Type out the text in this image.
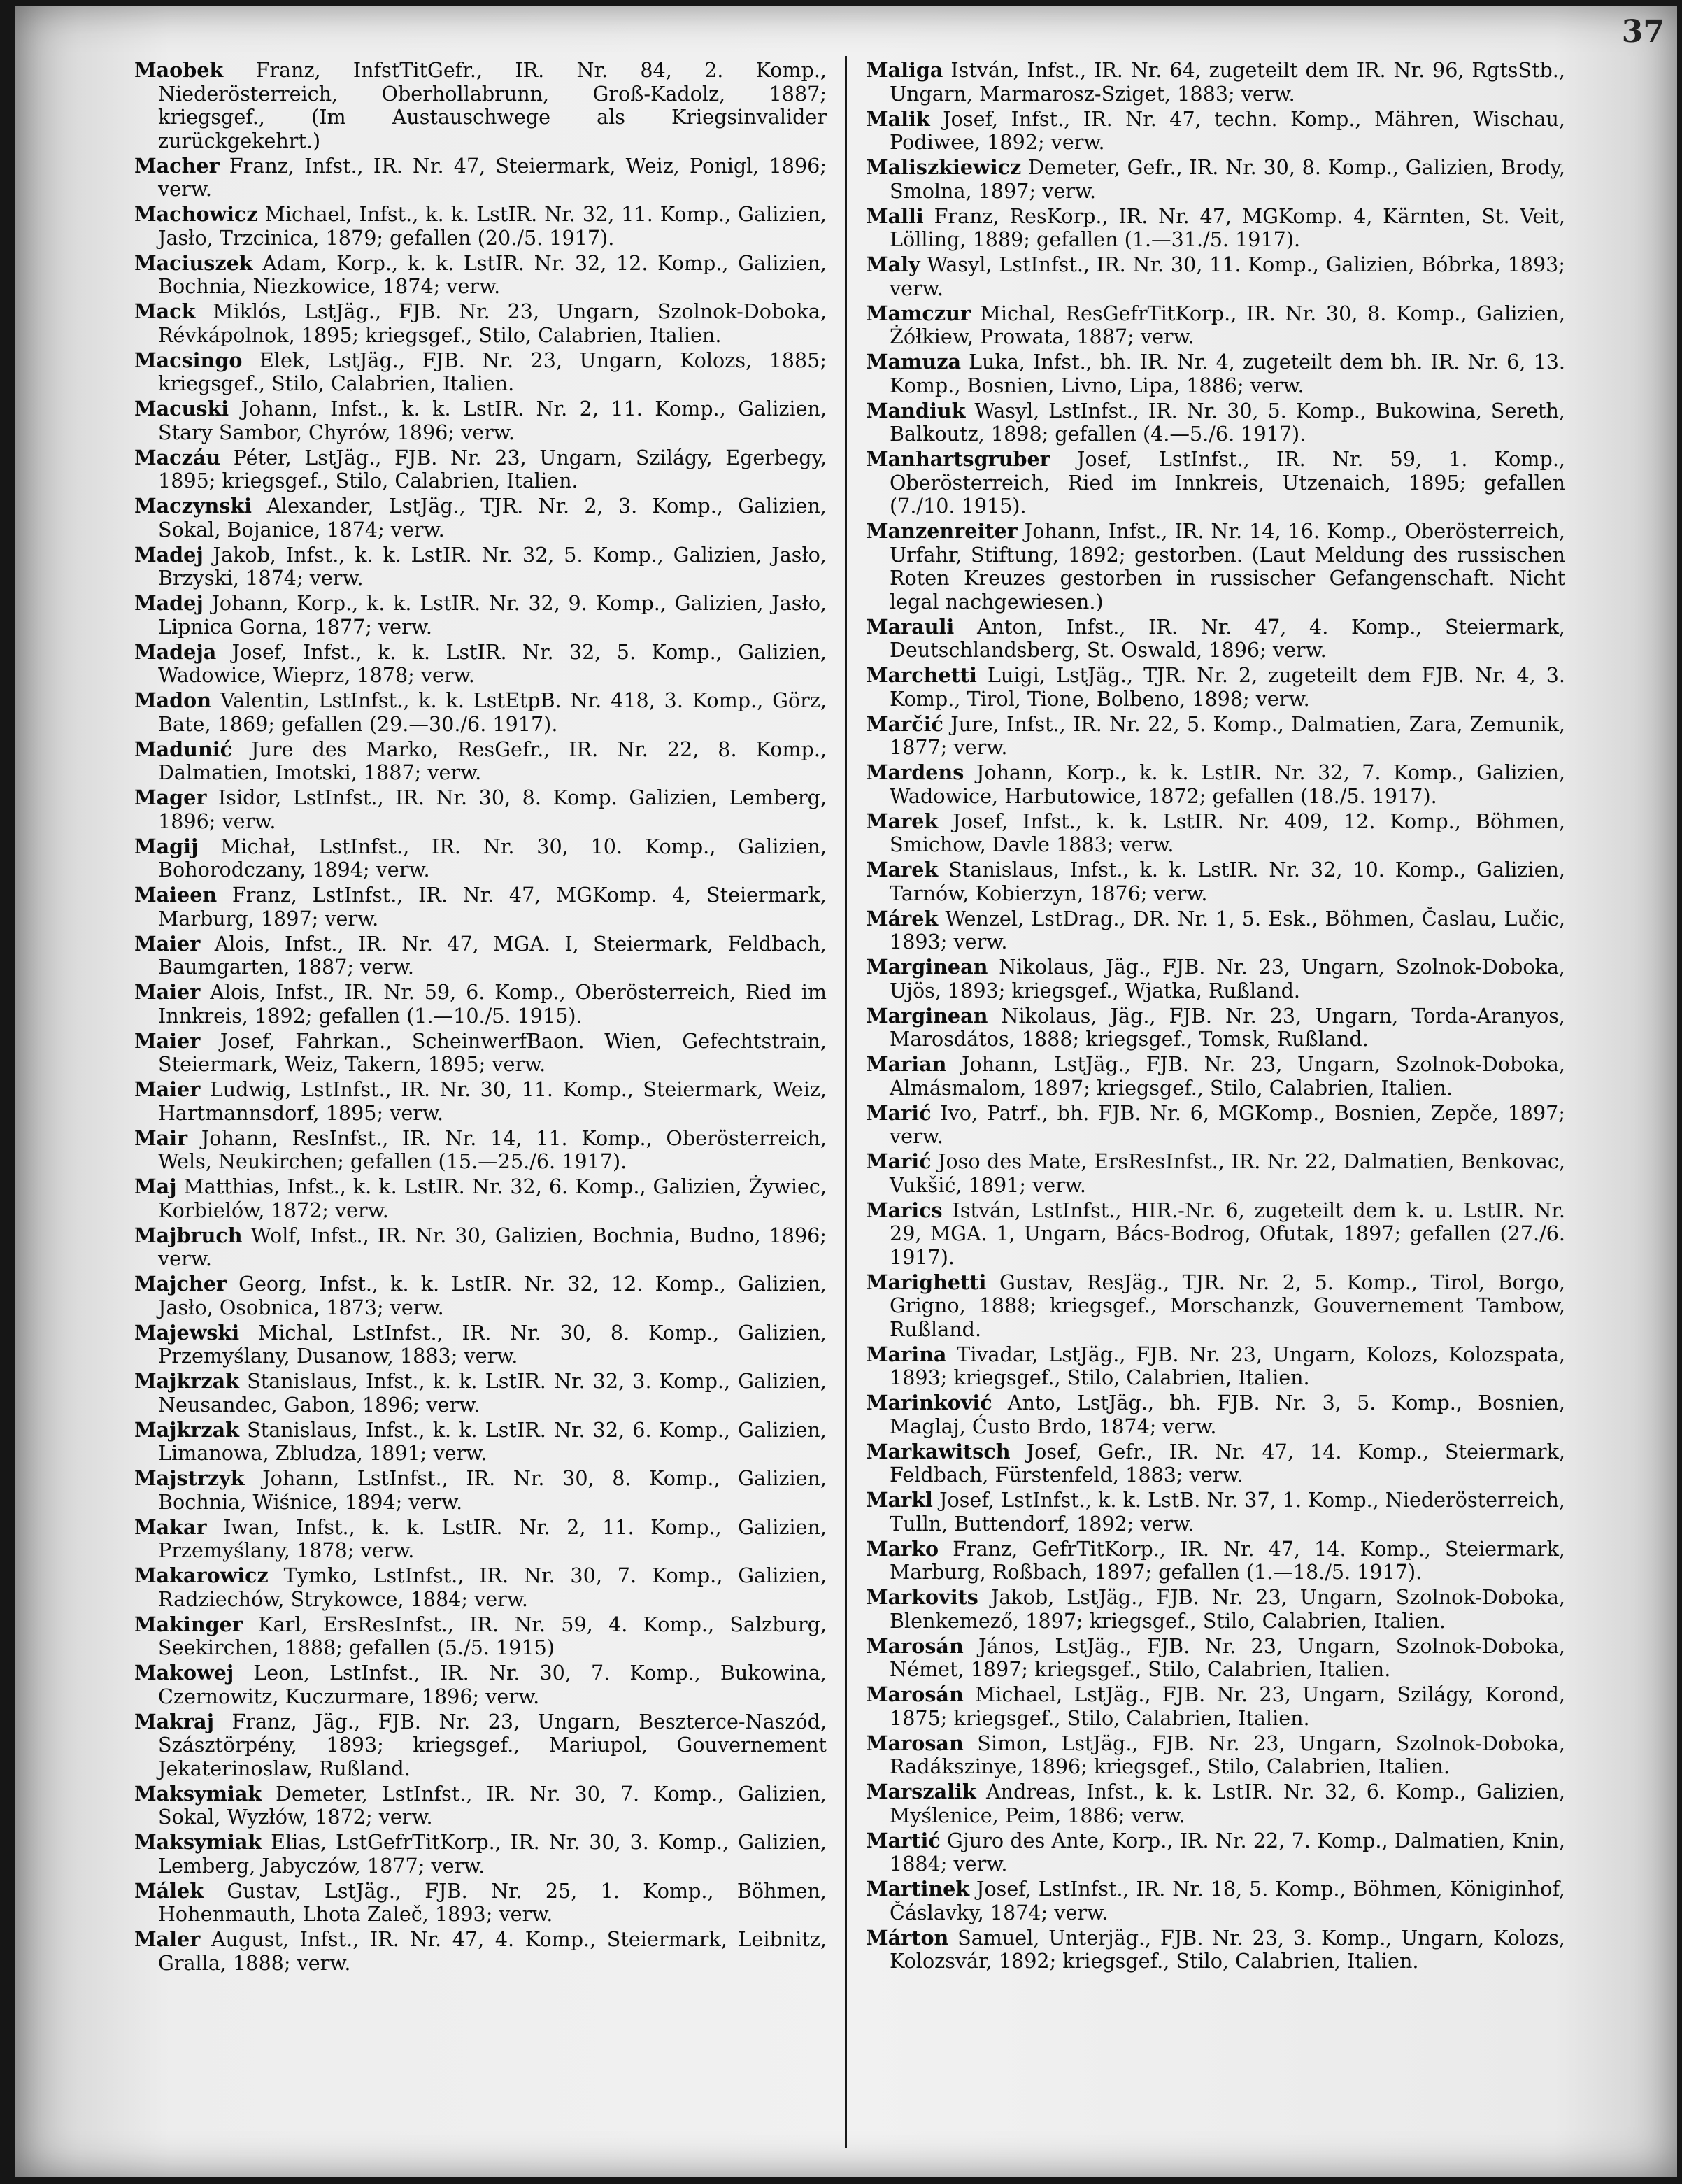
37

Maobek Franz, InfstTitGefr., IR. Nr. 84, 2. Komp., Niederösterreich, Oberhollabrunn, Groß-Kadolz, 1887; kriegsgef., (Im Austauschwege als Kriegsinvalider zurückgekehrt.)

Macher Franz, Infst., IR. Nr. 47, Steiermark, Weiz, Ponigl, 1896; verw.

Machowicz Michael, Infst., k. k. LstIR. Nr. 32, 11. Komp., Galizien, Jasło, Trzcinica, 1879; gefallen (20./5. 1917).

Maciuszek Adam, Korp., k. k. LstIR. Nr. 32, 12. Komp., Galizien, Bochnia, Niezkowice, 1874; verw.

Mack Miklós, LstJäg., FJB. Nr. 23, Ungarn, Szolnok-Doboka, Révkápolnok, 1895; kriegsgef., Stilo, Calabrien, Italien.

Macsingo Elek, LstJäg., FJB. Nr. 23, Ungarn, Kolozs, 1885; kriegsgef., Stilo, Calabrien, Italien.

Macuski Johann, Infst., k. k. LstIR. Nr. 2, 11. Komp., Galizien, Stary Sambor, Chyrów, 1896; verw.

Maczáu Péter, LstJäg., FJB. Nr. 23, Ungarn, Szilágy, Egerbegy, 1895; kriegsgef., Stilo, Calabrien, Italien.

Maczynski Alexander, LstJäg., TJR. Nr. 2, 3. Komp., Galizien, Sokal, Bojanice, 1874; verw.

Madej Jakob, Infst., k. k. LstIR. Nr. 32, 5. Komp., Galizien, Jasło, Brzyski, 1874; verw.

Madej Johann, Korp., k. k. LstIR. Nr. 32, 9. Komp., Galizien, Jasło, Lipnica Gorna, 1877; verw.

Madeja Josef, Infst., k. k. LstIR. Nr. 32, 5. Komp., Galizien, Wadowice, Wieprz, 1878; verw.

Madon Valentin, LstInfst., k. k. LstEtpB. Nr. 418, 3. Komp., Görz, Bate, 1869; gefallen (29.—30./6. 1917).

Madunić Jure des Marko, ResGefr., IR. Nr. 22, 8. Komp., Dalmatien, Imotski, 1887; verw.

Mager Isidor, LstInfst., IR. Nr. 30, 8. Komp. Galizien, Lemberg, 1896; verw.

Magij Michał, LstInfst., IR. Nr. 30, 10. Komp., Galizien, Bohorodczany, 1894; verw.

Maieen Franz, LstInfst., IR. Nr. 47, MGKomp. 4, Steiermark, Marburg, 1897; verw.

Maier Alois, Infst., IR. Nr. 47, MGA. I, Steiermark, Feldbach, Baumgarten, 1887; verw.

Maier Alois, Infst., IR. Nr. 59, 6. Komp., Oberösterreich, Ried im Innkreis, 1892; gefallen (1.—10./5. 1915).

Maier Josef, Fahrkan., ScheinwerfBaon. Wien, Gefechtstrain, Steiermark, Weiz, Takern, 1895; verw.

Maier Ludwig, LstInfst., IR. Nr. 30, 11. Komp., Steiermark, Weiz, Hartmannsdorf, 1895; verw.

Mair Johann, ResInfst., IR. Nr. 14, 11. Komp., Oberösterreich, Wels, Neukirchen; gefallen (15.—25./6. 1917).

Maj Matthias, Infst., k. k. LstIR. Nr. 32, 6. Komp., Galizien, Żywiec, Korbielów, 1872; verw.

Majbruch Wolf, Infst., IR. Nr. 30, Galizien, Bochnia, Budno, 1896; verw.

Majcher Georg, Infst., k. k. LstIR. Nr. 32, 12. Komp., Galizien, Jasło, Osobnica, 1873; verw.

Majewski Michal, LstInfst., IR. Nr. 30, 8. Komp., Galizien, Przemyślany, Dusanow, 1883; verw.

Majkrzak Stanislaus, Infst., k. k. LstIR. Nr. 32, 3. Komp., Galizien, Neusandec, Gabon, 1896; verw.

Majkrzak Stanislaus, Infst., k. k. LstIR. Nr. 32, 6. Komp., Galizien, Limanowa, Zbludza, 1891; verw.

Majstrzyk Johann, LstInfst., IR. Nr. 30, 8. Komp., Galizien, Bochnia, Wiśnice, 1894; verw.

Makar Iwan, Infst., k. k. LstIR. Nr. 2, 11. Komp., Galizien, Przemyślany, 1878; verw.

Makarowicz Tymko, LstInfst., IR. Nr. 30, 7. Komp., Galizien, Radziechów, Strykowce, 1884; verw.

Makinger Karl, ErsResInfst., IR. Nr. 59, 4. Komp., Salzburg, Seekirchen, 1888; gefallen (5./5. 1915)

Makowej Leon, LstInfst., IR. Nr. 30, 7. Komp., Bukowina, Czernowitz, Kuczurmare, 1896; verw.

Makraj Franz, Jäg., FJB. Nr. 23, Ungarn, Beszterce-Naszód, Szásztörpény, 1893; kriegsgef., Mariupol, Gouvernement Jekaterinoslaw, Rußland.

Maksymiak Demeter, LstInfst., IR. Nr. 30, 7. Komp., Galizien, Sokal, Wyzłów, 1872; verw.

Maksymiak Elias, LstGefrTitKorp., IR. Nr. 30, 3. Komp., Galizien, Lemberg, Jabyczów, 1877; verw.

Málek Gustav, LstJäg., FJB. Nr. 25, 1. Komp., Böhmen, Hohenmauth, Lhota Zaleč, 1893; verw.

Maler August, Infst., IR. Nr. 47, 4. Komp., Steiermark, Leibnitz, Gralla, 1888; verw.

Maliga István, Infst., IR. Nr. 64, zugeteilt dem IR. Nr. 96, RgtsStb., Ungarn, Marmarosz-Sziget, 1883; verw.

Malik Josef, Infst., IR. Nr. 47, techn. Komp., Mähren, Wischau, Podiwee, 1892; verw.

Maliszkiewicz Demeter, Gefr., IR. Nr. 30, 8. Komp., Galizien, Brody, Smolna, 1897; verw.

Malli Franz, ResKorp., IR. Nr. 47, MGKomp. 4, Kärnten, St. Veit, Lölling, 1889; gefallen (1.—31./5. 1917).

Maly Wasyl, LstInfst., IR. Nr. 30, 11. Komp., Galizien, Bóbrka, 1893; verw.

Mamczur Michal, ResGefrTitKorp., IR. Nr. 30, 8. Komp., Galizien, Żółkiew, Prowata, 1887; verw.

Mamuza Luka, Infst., bh. IR. Nr. 4, zugeteilt dem bh. IR. Nr. 6, 13. Komp., Bosnien, Livno, Lipa, 1886; verw.

Mandiuk Wasyl, LstInfst., IR. Nr. 30, 5. Komp., Bukowina, Sereth, Balkoutz, 1898; gefallen (4.—5./6. 1917).

Manhartsgruber Josef, LstInfst., IR. Nr. 59, 1. Komp., Oberösterreich, Ried im Innkreis, Utzenaich, 1895; gefallen (7./10. 1915).

Manzenreiter Johann, Infst., IR. Nr. 14, 16. Komp., Oberösterreich, Urfahr, Stiftung, 1892; gestorben. (Laut Meldung des russischen Roten Kreuzes gestorben in russischer Gefangenschaft. Nicht legal nachgewiesen.)

Marauli Anton, Infst., IR. Nr. 47, 4. Komp., Steiermark, Deutschlandsberg, St. Oswald, 1896; verw.

Marchetti Luigi, LstJäg., TJR. Nr. 2, zugeteilt dem FJB. Nr. 4, 3. Komp., Tirol, Tione, Bolbeno, 1898; verw.

Marčić Jure, Infst., IR. Nr. 22, 5. Komp., Dalmatien, Zara, Zemunik, 1877; verw.

Mardens Johann, Korp., k. k. LstIR. Nr. 32, 7. Komp., Galizien, Wadowice, Harbutowice, 1872; gefallen (18./5. 1917).

Marek Josef, Infst., k. k. LstIR. Nr. 409, 12. Komp., Böhmen, Smichow, Davle 1883; verw.

Marek Stanislaus, Infst., k. k. LstIR. Nr. 32, 10. Komp., Galizien, Tarnów, Kobierzyn, 1876; verw.

Márek Wenzel, LstDrag., DR. Nr. 1, 5. Esk., Böhmen, Časlau, Lučic, 1893; verw.

Marginean Nikolaus, Jäg., FJB. Nr. 23, Ungarn, Szolnok-Doboka, Ujös, 1893; kriegsgef., Wjatka, Rußland.

Marginean Nikolaus, Jäg., FJB. Nr. 23, Ungarn, Torda-Aranyos, Marosdátos, 1888; kriegsgef., Tomsk, Rußland.

Marian Johann, LstJäg., FJB. Nr. 23, Ungarn, Szolnok-Doboka, Almásmalom, 1897; kriegsgef., Stilo, Calabrien, Italien.

Marić Ivo, Patrf., bh. FJB. Nr. 6, MGKomp., Bosnien, Zepče, 1897; verw.

Marić Joso des Mate, ErsResInfst., IR. Nr. 22, Dalmatien, Benkovac, Vukšić, 1891; verw.

Marics István, LstInfst., HIR.-Nr. 6, zugeteilt dem k. u. LstIR. Nr. 29, MGA. 1, Ungarn, Bács-Bodrog, Ofutak, 1897; gefallen (27./6. 1917).

Marighetti Gustav, ResJäg., TJR. Nr. 2, 5. Komp., Tirol, Borgo, Grigno, 1888; kriegsgef., Morschanzk, Gouvernement Tambow, Rußland.

Marina Tivadar, LstJäg., FJB. Nr. 23, Ungarn, Kolozs, Kolozspata, 1893; kriegsgef., Stilo, Calabrien, Italien.

Marinković Anto, LstJäg., bh. FJB. Nr. 3, 5. Komp., Bosnien, Maglaj, Ćusto Brdo, 1874; verw.

Markawitsch Josef, Gefr., IR. Nr. 47, 14. Komp., Steiermark, Feldbach, Fürstenfeld, 1883; verw.

Markl Josef, LstInfst., k. k. LstB. Nr. 37, 1. Komp., Niederösterreich, Tulln, Buttendorf, 1892; verw.

Marko Franz, GefrTitKorp., IR. Nr. 47, 14. Komp., Steiermark, Marburg, Roßbach, 1897; gefallen (1.—18./5. 1917).

Markovits Jakob, LstJäg., FJB. Nr. 23, Ungarn, Szolnok-Doboka, Blenkemező, 1897; kriegsgef., Stilo, Calabrien, Italien.

Marosán János, LstJäg., FJB. Nr. 23, Ungarn, Szolnok-Doboka, Német, 1897; kriegsgef., Stilo, Calabrien, Italien.

Marosán Michael, LstJäg., FJB. Nr. 23, Ungarn, Szilágy, Korond, 1875; kriegsgef., Stilo, Calabrien, Italien.

Marosan Simon, LstJäg., FJB. Nr. 23, Ungarn, Szolnok-Doboka, Radákszinye, 1896; kriegsgef., Stilo, Calabrien, Italien.

Marszalik Andreas, Infst., k. k. LstIR. Nr. 32, 6. Komp., Galizien, Myślenice, Peim, 1886; verw.

Martić Gjuro des Ante, Korp., IR. Nr. 22, 7. Komp., Dalmatien, Knin, 1884; verw.

Martinek Josef, LstInfst., IR. Nr. 18, 5. Komp., Böhmen, Königinhof, Čáslavky, 1874; verw.

Márton Samuel, Unterjäg., FJB. Nr. 23, 3. Komp., Ungarn, Kolozs, Kolozsvár, 1892; kriegsgef., Stilo, Calabrien, Italien.
